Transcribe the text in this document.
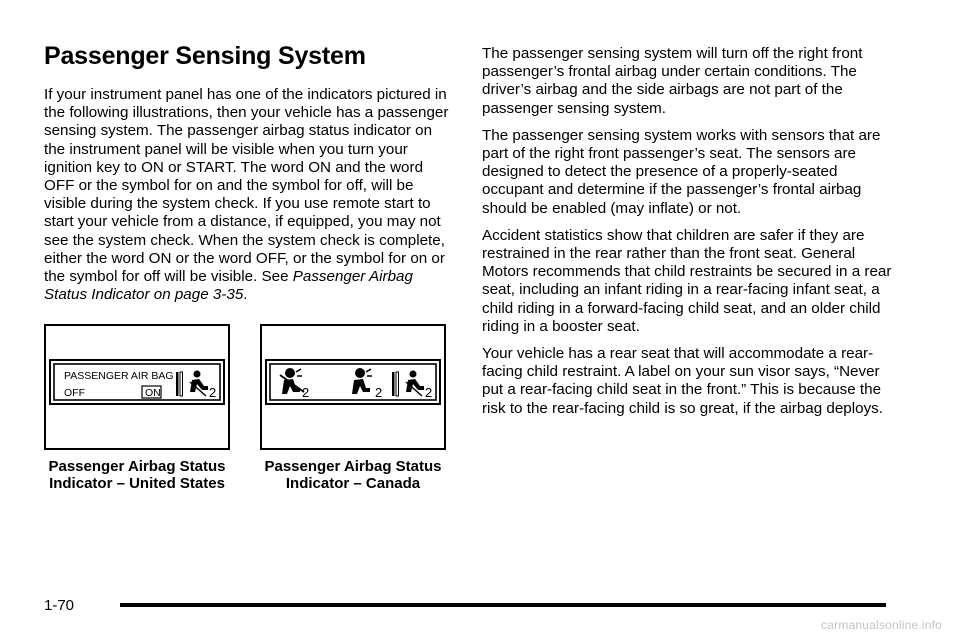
Passenger Sensing System

If your instrument panel has one of the indicators pictured in the following illustrations, then your vehicle has a passenger sensing system. The passenger airbag status indicator on the instrument panel will be visible when you turn your ignition key to ON or START. The word ON and the word OFF or the symbol for on and the symbol for off, will be visible during the system check. If you use remote start to start your vehicle from a distance, if equipped, you may not see the system check. When the system check is complete, either the word ON or the word OFF, or the symbol for on or the symbol for off will be visible. See Passenger Airbag Status Indicator on page 3-35.

PASSENGER AIR BAG
OFF	ON	2	2	2	2

Passenger Airbag Status Indicator – United States

Passenger Airbag Status Indicator – Canada

The passenger sensing system will turn off the right front passenger’s frontal airbag under certain conditions. The driver’s airbag and the side airbags are not part of the passenger sensing system.

The passenger sensing system works with sensors that are part of the right front passenger’s seat. The sensors are designed to detect the presence of a properly-seated occupant and determine if the passenger’s frontal airbag should be enabled (may inflate) or not.

Accident statistics show that children are safer if they are restrained in the rear rather than the front seat. General Motors recommends that child restraints be secured in a rear seat, including an infant riding in a rear-facing infant seat, a child riding in a forward-facing child seat, and an older child riding in a booster seat.

Your vehicle has a rear seat that will accommodate a rear-facing child restraint. A label on your sun visor says, “Never put a rear-facing child seat in the front.” This is because the risk to the rear-facing child is so great, if the airbag deploys.

1-70
carmanualsonline.info
